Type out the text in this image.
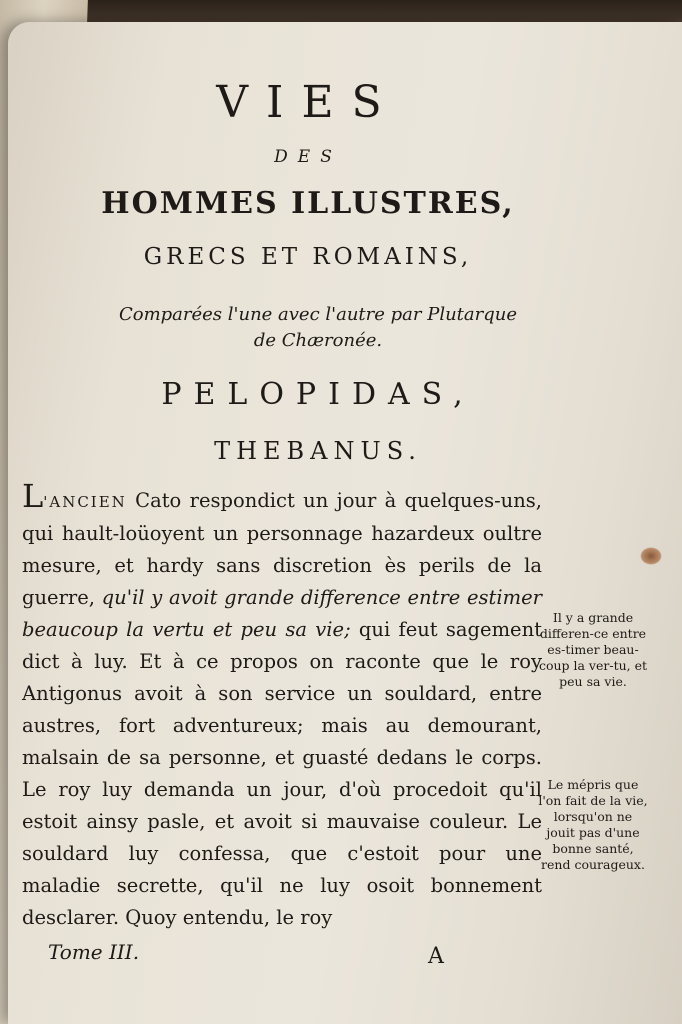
VIES
DES
HOMMES ILLUSTRES,
GRECS ET ROMAINS,
Comparées l'une avec l'autre par Plutarque
de Chæronée.
PELOPIDAS,
THEBANUS.

L'ANCIEN Cato respondict un jour à quelques-uns, qui hault-loüoyent un personnage hazardeux oultre mesure, et hardy sans discretion ès perils de la guerre, qu'il y avoit grande difference entre estimer beaucoup la vertu et peu sa vie; qui feut sagement dict à luy. Et à ce propos on raconte que le roy Antigonus avoit à son service un souldard, entre austres, fort adventureux; mais au demourant, malsain de sa personne, et guasté dedans le corps. Le roy luy demanda un jour, d'où procedoit qu'il estoit ainsy pasle, et avoit si mauvaise couleur. Le souldard luy confessa, que c'estoit pour une maladie secrette, qu'il ne luy osoit bonnement desclarer. Quoy entendu, le roy

Il y a grande differen-ce entre es-timer beau-coup la ver-tu, et peu sa vie.
Le mépris que l'on fait de la vie, lorsqu'on ne jouit pas d'une bonne santé, rend courageux.
Tome III.	A
